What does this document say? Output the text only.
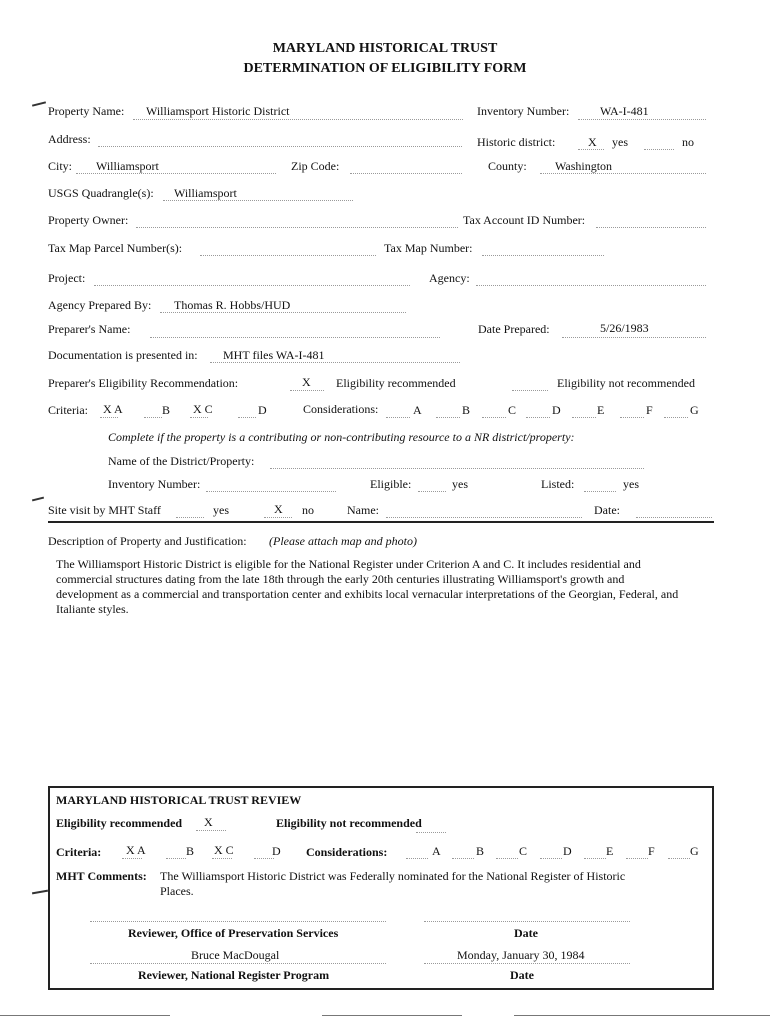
MARYLAND HISTORICAL TRUST
DETERMINATION OF ELIGIBILITY FORM
Property Name: Williamsport Historic District	Inventory Number:	WA-I-481
Address:	Historic district:	X yes	no
City: Williamsport	Zip Code:	County: Washington
USGS Quadrangle(s): Williamsport
Property Owner:	Tax Account ID Number:
Tax Map Parcel Number(s):	Tax Map Number:
Project:	Agency:
Agency Prepared By: Thomas R. Hobbs/HUD
Preparer's Name:	Date Prepared:	5/26/1983
Documentation is presented in: MHT files WA-I-481
Preparer's Eligibility Recommendation:	X Eligibility recommended	Eligibility not recommended
Criteria: X A	B X C	D	Considerations:	A	B	C	D	E	F	G
Complete if the property is a contributing or non-contributing resource to a NR district/property:
Name of the District/Property:
Inventory Number:	Eligible:	yes	Listed:	yes
Site visit by MHT Staff	yes	X no	Name:	Date:
Description of Property and Justification: (Please attach map and photo)
The Williamsport Historic District is eligible for the National Register under Criterion A and C. It includes residential and
commercial structures dating from the late 18th through the early 20th centuries illustrating Williamsport's growth and
development as a commercial and transportation center and exhibits local vernacular interpretations of the Georgian, Federal, and
Italiante styles.
MARYLAND HISTORICAL TRUST REVIEW
Eligibility recommended X	Eligibility not recommended
Criteria: X A	B X C	D Considerations:	A	B	C	D	E	F	G
MHT Comments: The Williamsport Historic District was Federally nominated for the National Register of Historic
Places.
Reviewer, Office of Preservation Services	Date
Bruce MacDougal	Monday, January 30, 1984
Reviewer, National Register Program	Date
